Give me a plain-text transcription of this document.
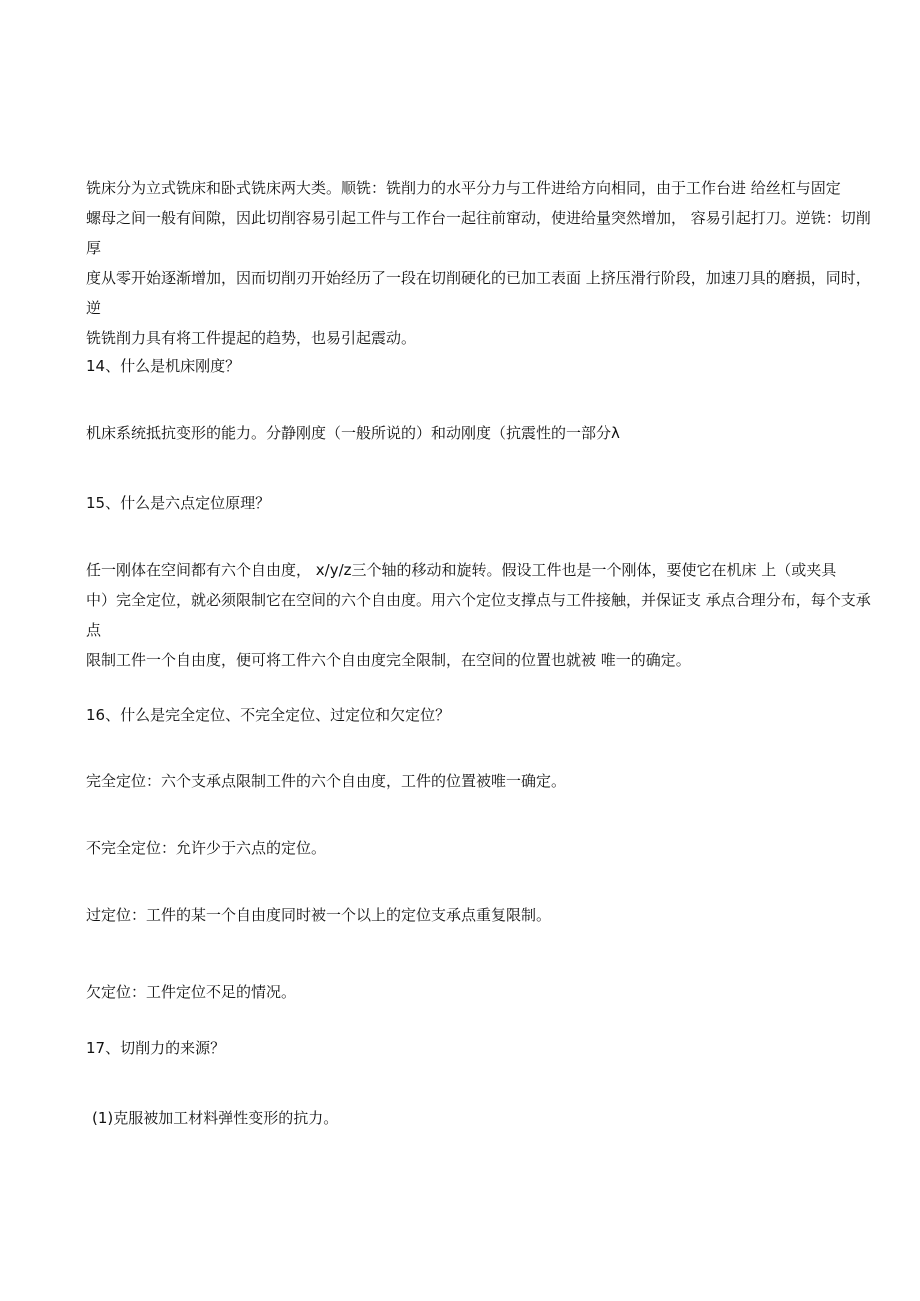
铣床分为立式铣床和卧式铣床两大类。顺铣：铣削力的水平分力与工件进给方向相同，由于工作台进 给丝杠与固定
螺母之间一般有间隙，因此切削容易引起工件与工作台一起往前窜动，使进给量突然增加， 容易引起打刀。逆铣：切削厚
度从零开始逐渐增加，因而切削刃开始经历了一段在切削硬化的已加工表面 上挤压滑行阶段，加速刀具的磨损，同时，逆
铣铣削力具有将工件提起的趋势，也易引起震动。

14、什么是机床刚度？

机床系统抵抗变形的能力。分静刚度（一般所说的）和动刚度（抗震性的一部分λ

15、什么是六点定位原理？

任一刚体在空间都有六个自由度， x/y/z三个轴的移动和旋转。假设工件也是一个刚体，要使它在机床 上（或夹具
中）完全定位，就必须限制它在空间的六个自由度。用六个定位支撑点与工件接触，并保证支 承点合理分布，每个支承点
限制工件一个自由度，便可将工件六个自由度完全限制，在空间的位置也就被 唯一的确定。

16、什么是完全定位、不完全定位、过定位和欠定位？

完全定位：六个支承点限制工件的六个自由度，工件的位置被唯一确定。

不完全定位：允许少于六点的定位。

过定位：工件的某一个自由度同时被一个以上的定位支承点重复限制。

欠定位：工件定位不足的情况。

17、切削力的来源？

(1)克服被加工材料弹性变形的抗力。
